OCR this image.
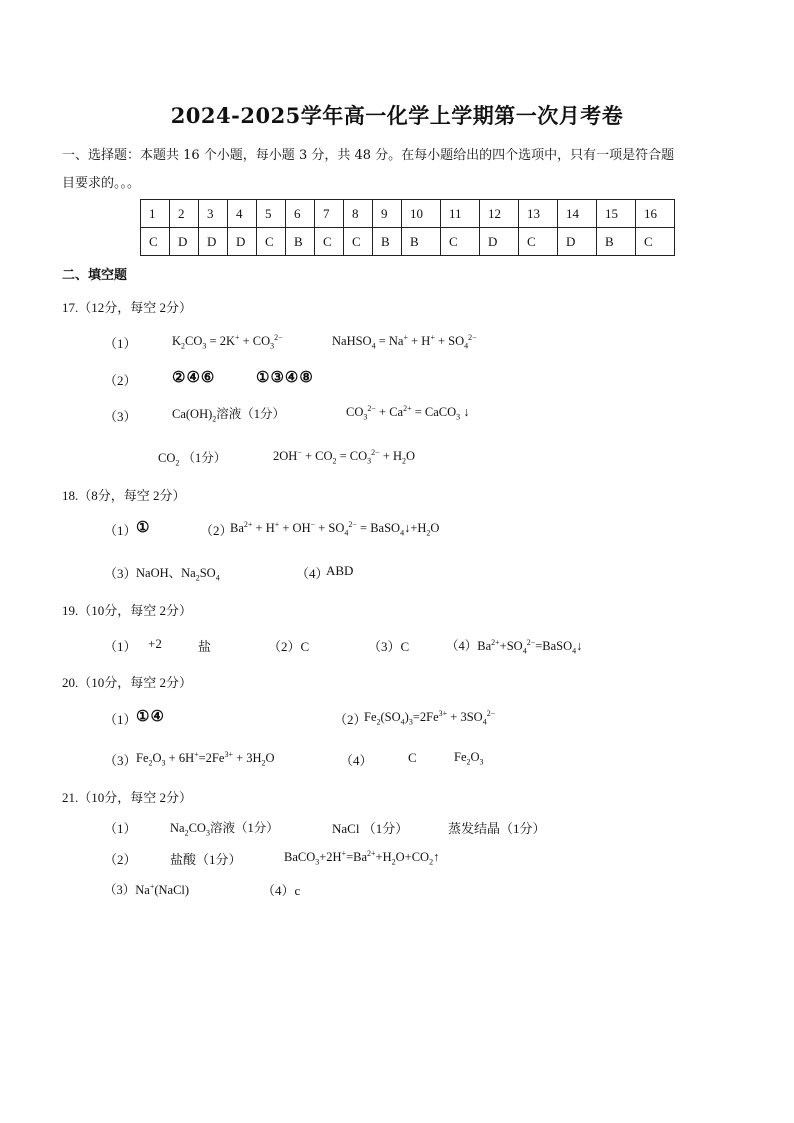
2024-2025学年高一化学上学期第一次月考卷
一、选择题：本题共 16 个小题，每小题 3 分，共 48 分。在每小题给出的四个选项中，只有一项是符合题
目要求的。。。
1	2	3	4	5	6	7	8	9	10	11	12	13	14	15	16
C	D	D	D	C	B	C	C	B	B	C	D	C	D	B	C
二、填空题
17.（12分，每空 2分）
（1）	$K_2CO_3 = 2K^+ + CO_3^{2-}$	NaHSO$_4$ = $Na^+ + H^+ + SO_4^{2-}$
（2） ②④⑥	①③④⑧
（3）	$Ca(OH)_2$溶液（1分）	$CO_3^{2-} + Ca^{2+}$ = CaCO$_3$ ↓
$CO_2$ （1分）	$2OH^- + CO_2 = CO_3^{2-} + H_2O$
18.（8分，每空 2分）
（1） ①	（2）
$Ba^{2+} + H^+ + OH^- + SO_4^{2-}$ = $BaSO_4↓+H_2O$
（3） NaOH、$Na_2SO_4$	（4）
ABD
19.（10分，每空 2分）
（1） +2	盐	（2）C	（3）C	$(4)Ba^{2+}+SO_4^{2-}=BaSO_4↓$
20.（10分，每空 2分）
（1） ①④	（2）
$Fe_2(SO_4)_3=2Fe^{3+} + 3SO_4^{2-}$
（3） $Fe_2O_3 + 6H^+=2Fe^{3+} + 3H_2O$	（4）	C	$Fe_2O_3$
21.（10分，每空 2分）
（1）	$Na_2CO_3$溶液（1分）	NaCl （1分）	蒸发结晶（1分）
（2）	盐酸（1分）	$BaCO_3+2H^+=Ba^{2+}+H_2O+CO_2↑$
（3）Na+(NaCl)	（4）c
